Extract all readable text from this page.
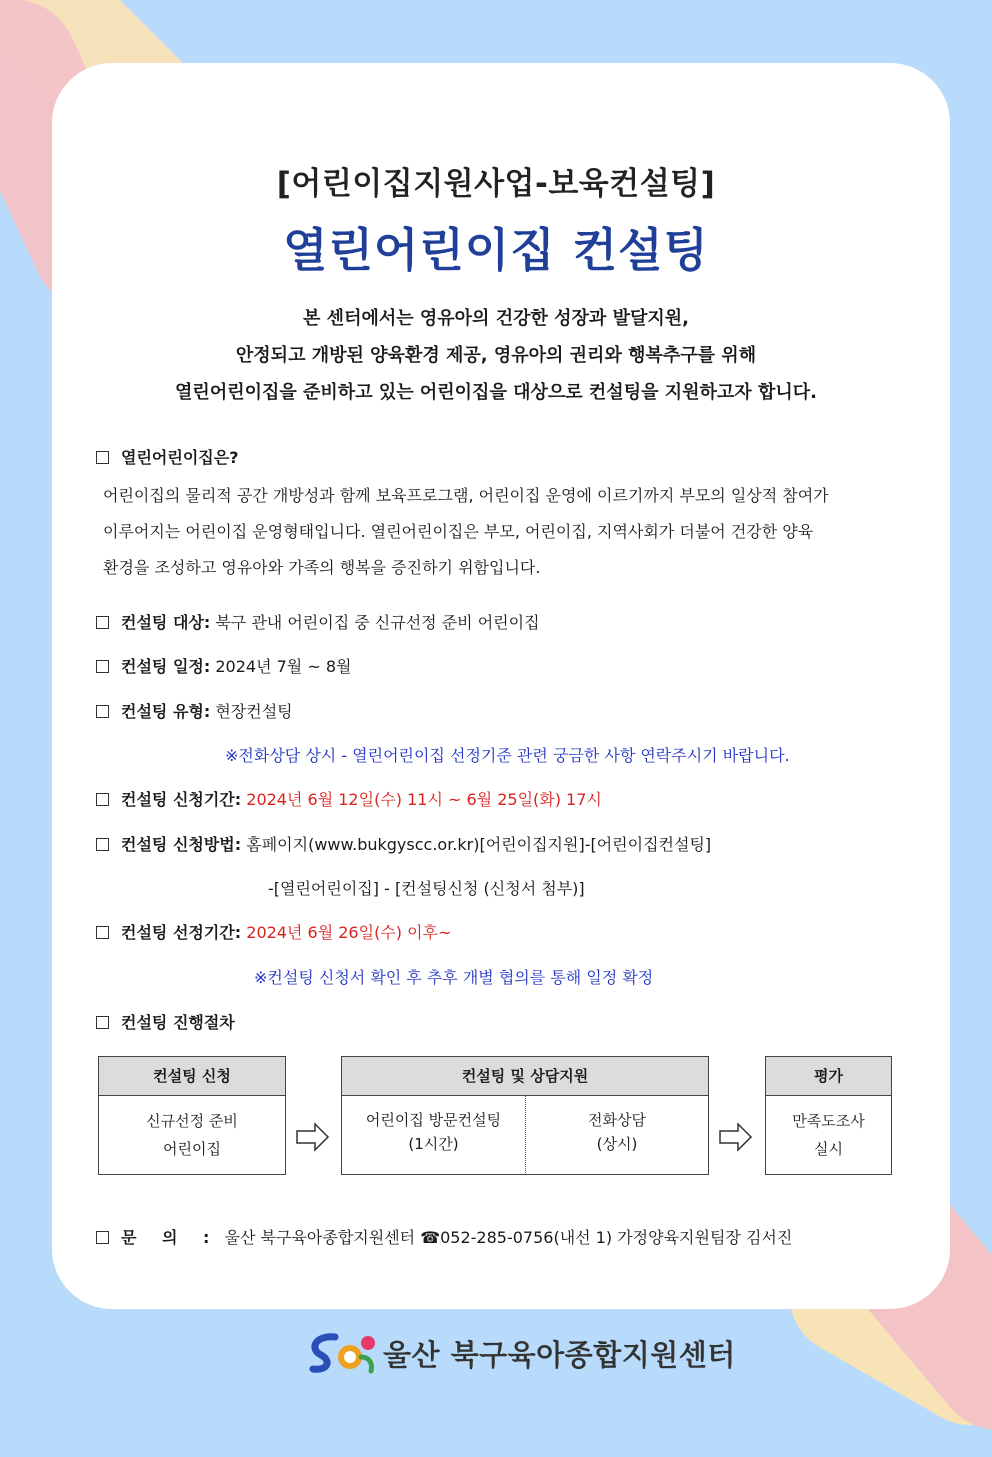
[어린이집지원사업-보육컨설팅]
열린어린이집 컨설팅
본 센터에서는 영유아의 건강한 성장과 발달지원,
안정되고 개방된 양육환경 제공, 영유아의 권리와 행복추구를 위해
열린어린이집을 준비하고 있는 어린이집을 대상으로 컨설팅을 지원하고자 합니다.
열린어린이집은?
어린이집의 물리적 공간 개방성과 함께 보육프로그램, 어린이집 운영에 이르기까지 부모의 일상적 참여가
이루어지는 어린이집 운영형태입니다. 열린어린이집은 부모, 어린이집, 지역사회가 더불어 건강한 양육
환경을 조성하고 영유아와 가족의 행복을 증진하기 위함입니다.
컨설팅 대상: 북구 관내 어린이집 중 신규선정 준비 어린이집
컨설팅 일정: 2024년 7월 ~ 8월
컨설팅 유형: 현장컨설팅
※전화상담 상시 - 열린어린이집 선정기준 관련 궁금한 사항 연락주시기 바랍니다.
컨설팅 신청기간: 2024년 6월 12일(수) 11시 ~ 6월 25일(화) 17시
컨설팅 신청방법: 홈페이지(www.bukgyscc.or.kr)[어린이집지원]-[어린이집컨설팅]
-[열린어린이집] - [컨설팅신청 (신청서 첨부)]
컨설팅 선정기간: 2024년 6월 26일(수) 이후~
※컨설팅 신청서 확인 후 추후 개별 협의를 통해 일정 확정
컨설팅 진행절차
컨설팅 신청
신규선정 준비
어린이집
컨설팅 및 상담지원
어린이집 방문컨설팅
(1시간)
전화상담
(상시)
평가
만족도조사
실시
문 의 : 울산 북구육아종합지원센터 ☎052-285-0756(내선 1) 가정양육지원팀장 김서진
울산 북구육아종합지원센터
